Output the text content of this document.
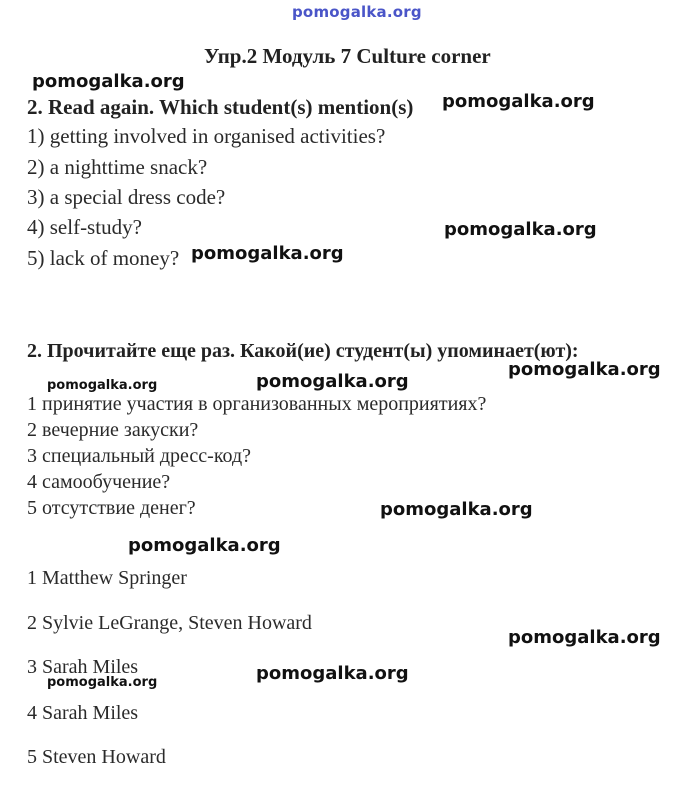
pomogalka.org
Упр.2 Модуль 7 Culture corner
2. Read again. Which student(s) mention(s)
1) getting involved in organised activities?
2) a nighttime snack?
3) a special dress code?
4) self-study?
5) lack of money?
2. Прочитайте еще раз. Какой(ие) студент(ы) упоминает(ют):
1 принятие участия в организованных мероприятиях?
2 вечерние закуски?
3 специальный дресс-код?
4 самообучение?
5 отсутствие денег?
1 Matthew Springer
2 Sylvie LeGrange, Steven Howard
3 Sarah Miles
4 Sarah Miles
5 Steven Howard
pomogalka.org
pomogalka.org
pomogalka.org
pomogalka.org
pomogalka.org
pomogalka.org
pomogalka.org
pomogalka.org
pomogalka.org
pomogalka.org
pomogalka.org
pomogalka.org
